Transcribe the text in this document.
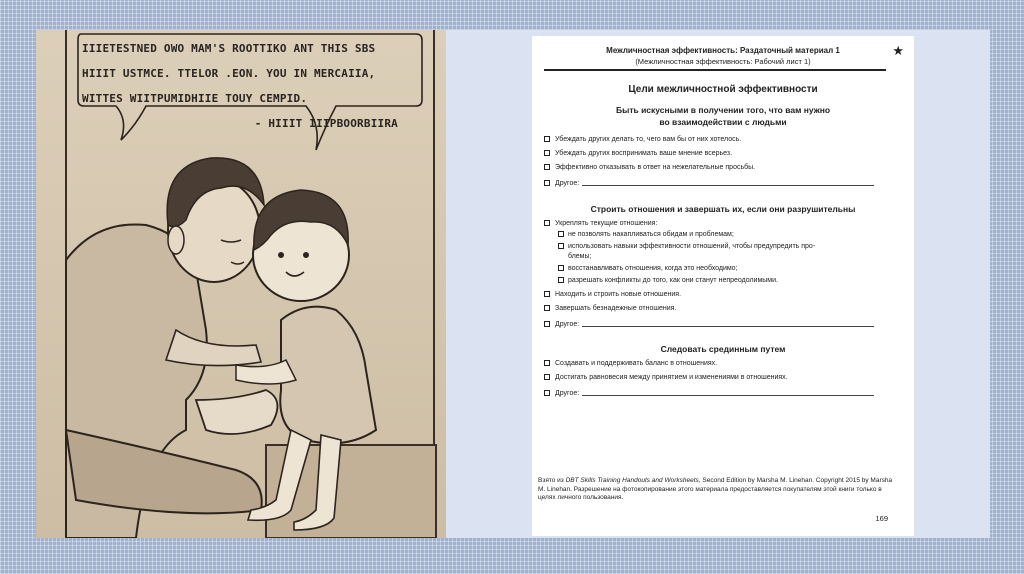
IIIETESTNED OWO MAM'S ROOTTIKO ANT THIS SBS
HIIIT USTMCE. TTELOR .EON. YOU IN MERCAIIA,
WITTES WIITPUMIDHIIE TOUY CEMPID.
- HIIIT IIIPBOORBIIRA
Межличностная эффективность: Раздаточный материал 1
(Межличностная эффективность: Рабочий лист 1)
★
Цели межличностной эффективности
Быть искусными в получении того, что вам нужно
во взаимодействии с людьми
Убеждать других делать то, чего вам бы от них хотелось.
Убеждать других воспринимать ваше мнение всерьез.
Эффективно отказывать в ответ на нежелательные просьбы.
Другое:
Строить отношения и завершать их, если они разрушительны
Укреплять текущие отношения:
не позволять накапливаться обидам и проблемам;
использовать навыки эффективности отношений, чтобы предупредить про-
блемы;
восстанавливать отношения, когда это необходимо;
разрешать конфликты до того, как они станут непреодолимыми.
Находить и строить новые отношения.
Завершать безнадежные отношения.
Другое:
Следовать срединным путем
Создавать и поддерживать баланс в отношениях.
Достигать равновесия между принятием и изменениями в отношениях.
Другое:
Взято из DBT Skills Training Handouts and Worksheets, Second Edition by Marsha M. Linehan. Copyright 2015 by Marsha M. Linehan. Разрешение на фотокопирование этого материала предоставляется покупателям этой книги только в целях личного пользования.
169
